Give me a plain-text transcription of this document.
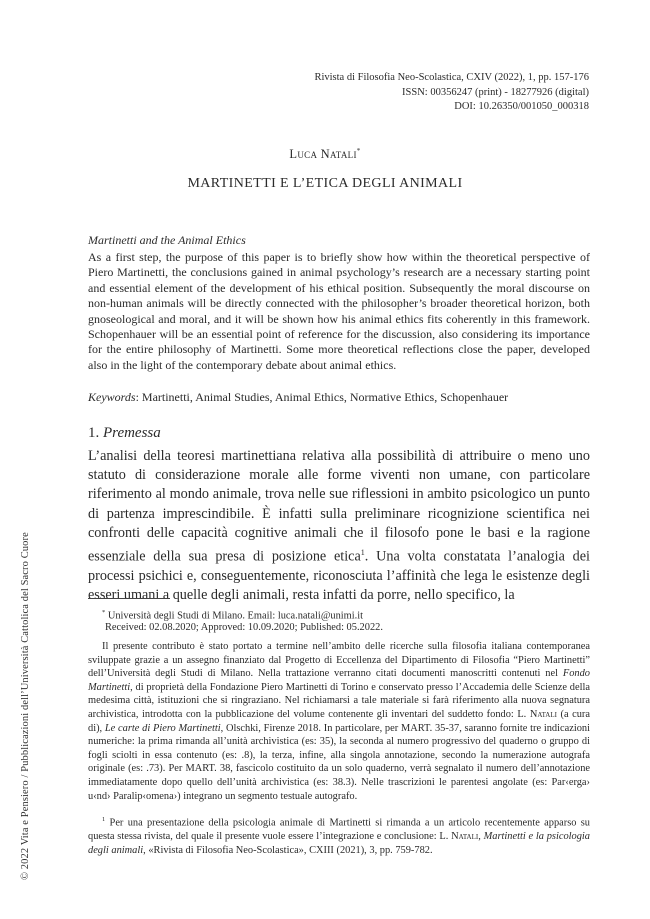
© 2022 Vita e Pensiero / Pubblicazioni dell’Università Cattolica del Sacro Cuore
Rivista di Filosofia Neo-Scolastica, CXIV (2022), 1, pp. 157-176
ISSN: 00356247 (print) - 18277926 (digital)
DOI: 10.26350/001050_000318
Luca Natali*
MARTINETTI E L’ETICA DEGLI ANIMALI
Martinetti and the Animal Ethics

As a first step, the purpose of this paper is to briefly show how within the theoretical perspective of Piero Martinetti, the conclusions gained in animal psychology’s research are a necessary starting point and essential element of the development of his ethical position. Subsequently the moral discourse on non-human animals will be directly connected with the philosopher’s broader theoretical horizon, both gnoseological and moral, and it will be shown how his animal ethics fits coherently in this framework. Schopenhauer will be an essential point of reference for the discussion, also considering its importance for the entire philosophy of Martinetti. Some more theoretical reflections close the paper, developed also in the light of the contemporary debate about animal ethics.

Keywords: Martinetti, Animal Studies, Animal Ethics, Normative Ethics, Schopenhauer
1. Premessa

L’analisi della teoresi martinettiana relativa alla possibilità di attribuire o meno uno statuto di considerazione morale alle forme viventi non umane, con particolare riferimento al mondo animale, trova nelle sue riflessioni in ambito psicologico un punto di partenza imprescindibile. È infatti sulla preliminare ricognizione scientifica nei confronti delle capacità cognitive animali che il filosofo pone le basi e la ragione essenziale della sua presa di posizione etica$^1$. Una volta constatata l’analogia dei processi psichici e, conseguentemente, riconosciuta l’affinità che lega le esistenze degli esseri umani a quelle degli animali, resta infatti da porre, nello specifico, la

* Università degli Studi di Milano. Email: luca.natali@unimi.it

Received: 02.08.2020; Approved: 10.09.2020; Published: 05.2022.

Il presente contributo è stato portato a termine nell’ambito delle ricerche sulla filosofia italiana contemporanea sviluppate grazie a un assegno finanziato dal Progetto di Eccellenza del Dipartimento di Filosofia “Piero Martinetti” dell’Università degli Studi di Milano. Nella trattazione verranno citati documenti manoscritti contenuti nel Fondo Martinetti, di proprietà della Fondazione Piero Martinetti di Torino e conservato presso l’Accademia delle Scienze della medesima città, istituzioni che si ringraziano. Nel richiamarsi a tale materiale si farà riferimento alla nuova segnatura archivistica, introdotta con la pubblicazione del volume contenente gli inventari del suddetto fondo: L. Natali (a cura di), Le carte di Piero Martinetti, Olschki, Firenze 2018. In particolare, per MART. 35-37, saranno fornite tre indicazioni numeriche: la prima rimanda all’unità archivistica (es: 35), la seconda al numero progressivo del quaderno o gruppo di fogli sciolti in essa contenuto (es: .8), la terza, infine, alla singola annotazione, secondo la numerazione autografa originale (es: .73). Per MART. 38, fascicolo costituito da un solo quaderno, verrà segnalato il numero dell’annotazione immediatamente dopo quello dell’unità archivistica (es: 38.3). Nelle trascrizioni le parentesi angolate (es: Par‹erga› u‹nd› Paralip‹omena›) integrano un segmento testuale autografo.

$^1$ Per una presentazione della psicologia animale di Martinetti si rimanda a un articolo recentemente apparso su questa stessa rivista, del quale il presente vuole essere l’integrazione e conclusione: L. Natali, Martinetti e la psicologia degli animali, «Rivista di Filosofia Neo-Scolastica», CXIII (2021), 3, pp. 759-782.
